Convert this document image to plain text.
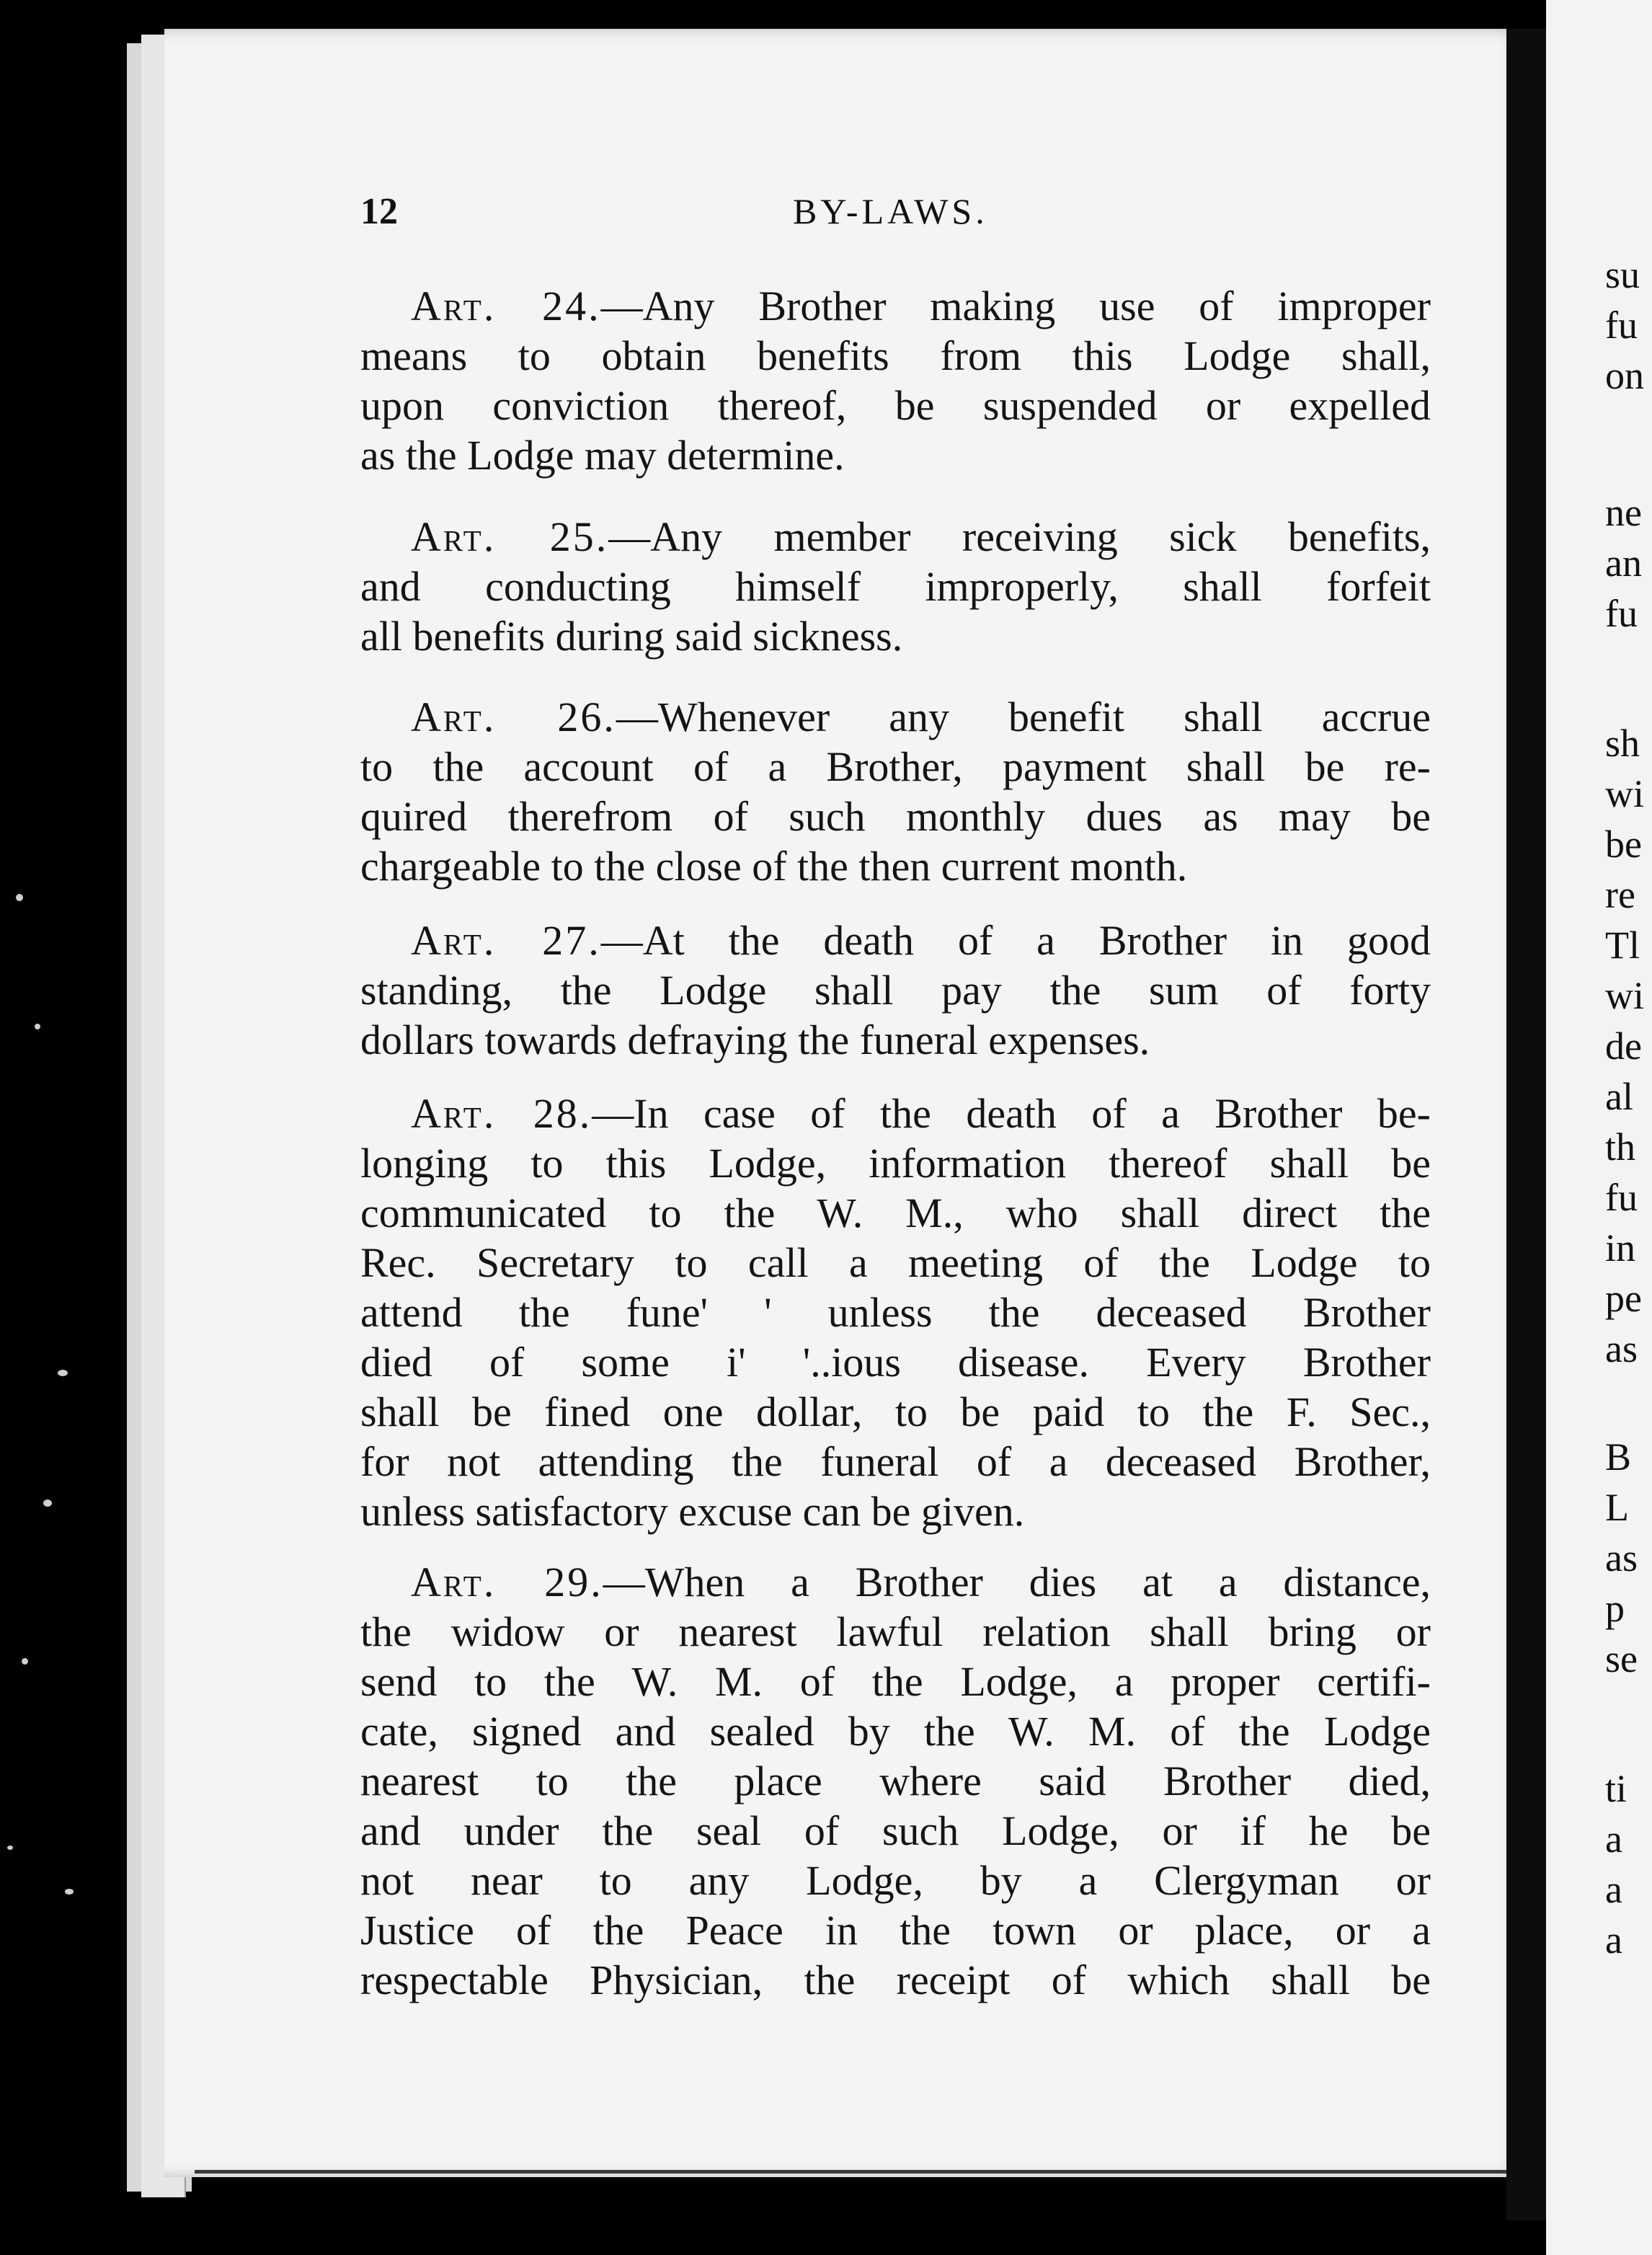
su
fu
on
ne
an
fu
sh
wi
be
re
Tl
wi
de
al
th
fu
in
pe
as
B
L
as
p
se
ti
a
a
a
12	BY-LAWS.

Art. 24.—Any Brother making use of improper
means to obtain benefits from this Lodge shall,
upon conviction thereof, be suspended or expelled
as the Lodge may determine.

Art. 25.—Any member receiving sick benefits,
and conducting himself improperly, shall forfeit
all benefits during said sickness.

Art. 26.—Whenever any benefit shall accrue
to the account of a Brother, payment shall be re-
quired therefrom of such monthly dues as may be
chargeable to the close of the then current month.

Art. 27.—At the death of a Brother in good
standing, the Lodge shall pay the sum of forty
dollars towards defraying the funeral expenses.

Art. 28.—In case of the death of a Brother be-
longing to this Lodge, information thereof shall be
communicated to the W. M., who shall direct the
Rec. Secretary to call a meeting of the Lodge to
attend the fune' ' unless the deceased Brother
died of some i' '..ious disease. Every Brother
shall be fined one dollar, to be paid to the F. Sec.,
for not attending the funeral of a deceased Brother,
unless satisfactory excuse can be given.

Art. 29.—When a Brother dies at a distance,
the widow or nearest lawful relation shall bring or
send to the W. M. of the Lodge, a proper certifi-
cate, signed and sealed by the W. M. of the Lodge
nearest to the place where said Brother died,
and under the seal of such Lodge, or if he be
not near to any Lodge, by a Clergyman or
Justice of the Peace in the town or place, or a
respectable Physician, the receipt of which shall be
